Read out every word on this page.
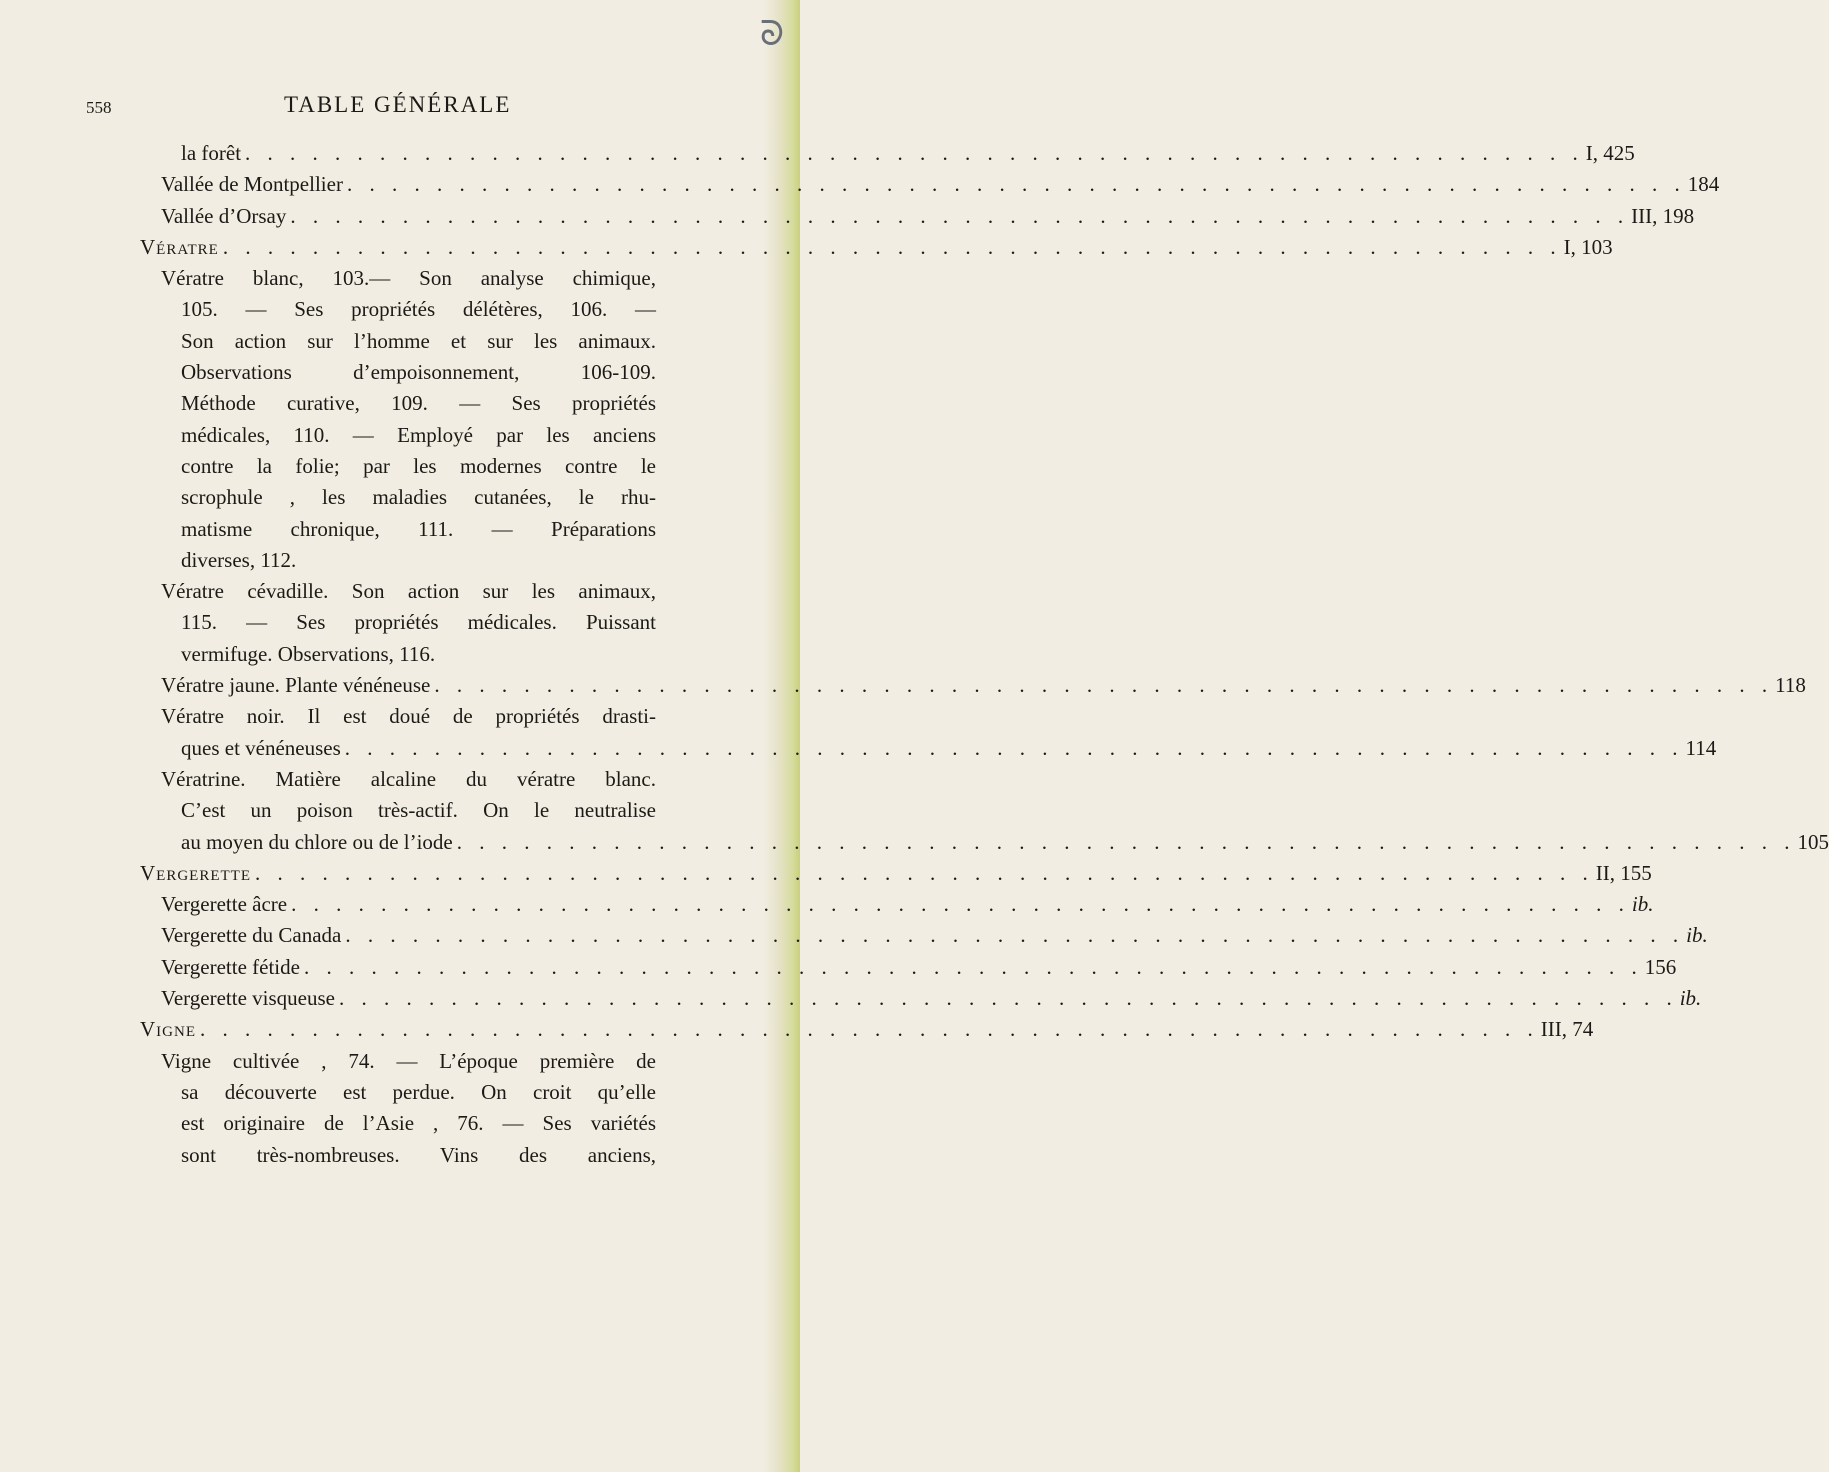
ᘐ
558	TABLE GÉNÉRALE
la forêt . . . . . . . . . . . . . . . . . . . . . . . . . . . . . . . . . . . . . . . . . . . . . . . . . . . . . . . . . . . . I, 425
Vallée de Montpellier . . . . . . . . . . . . . . . . . . . . . . . . . . . . . . . . . . . . . . . . . . . . . . . . . . . . . . . . . . . . 184
Vallée d’Orsay . . . . . . . . . . . . . . . . . . . . . . . . . . . . . . . . . . . . . . . . . . . . . . . . . . . . . . . . . . . . III, 198
Vératre . . . . . . . . . . . . . . . . . . . . . . . . . . . . . . . . . . . . . . . . . . . . . . . . . . . . . . . . . . . . I, 103
Vératre blanc, 103.— Son analyse chimique,
105. — Ses propriétés délétères, 106. —
Son action sur l’homme et sur les animaux.
Observations d’empoisonnement, 106-109.
Méthode curative, 109. — Ses propriétés
médicales, 110. — Employé par les anciens
contre la folie; par les modernes contre le
scrophule , les maladies cutanées, le rhu-
matisme chronique, 111. — Préparations
diverses, 112.
Vératre cévadille. Son action sur les animaux,
115. — Ses propriétés médicales. Puissant
vermifuge. Observations, 116.
Vératre jaune. Plante vénéneuse . . . . . . . . . . . . . . . . . . . . . . . . . . . . . . . . . . . . . . . . . . . . . . . . . . . . . . . . . . . . 118
Vératre noir. Il est doué de propriétés drasti-
ques et vénéneuses . . . . . . . . . . . . . . . . . . . . . . . . . . . . . . . . . . . . . . . . . . . . . . . . . . . . . . . . . . . . 114
Vératrine. Matière alcaline du vératre blanc.
C’est un poison très-actif. On le neutralise
au moyen du chlore ou de l’iode . . . . . . . . . . . . . . . . . . . . . . . . . . . . . . . . . . . . . . . . . . . . . . . . . . . . . . . . . . . . 105
Vergerette . . . . . . . . . . . . . . . . . . . . . . . . . . . . . . . . . . . . . . . . . . . . . . . . . . . . . . . . . . . . II, 155
Vergerette âcre . . . . . . . . . . . . . . . . . . . . . . . . . . . . . . . . . . . . . . . . . . . . . . . . . . . . . . . . . . . . ib.
Vergerette du Canada . . . . . . . . . . . . . . . . . . . . . . . . . . . . . . . . . . . . . . . . . . . . . . . . . . . . . . . . . . . . ib.
Vergerette fétide . . . . . . . . . . . . . . . . . . . . . . . . . . . . . . . . . . . . . . . . . . . . . . . . . . . . . . . . . . . . 156
Vergerette visqueuse . . . . . . . . . . . . . . . . . . . . . . . . . . . . . . . . . . . . . . . . . . . . . . . . . . . . . . . . . . . . ib.
Vigne . . . . . . . . . . . . . . . . . . . . . . . . . . . . . . . . . . . . . . . . . . . . . . . . . . . . . . . . . . . . III, 74
Vigne cultivée , 74. — L’époque première de
sa découverte est perdue. On croit qu’elle
est originaire de l’Asie , 76. — Ses variétés
sont très-nombreuses. Vins des anciens,
